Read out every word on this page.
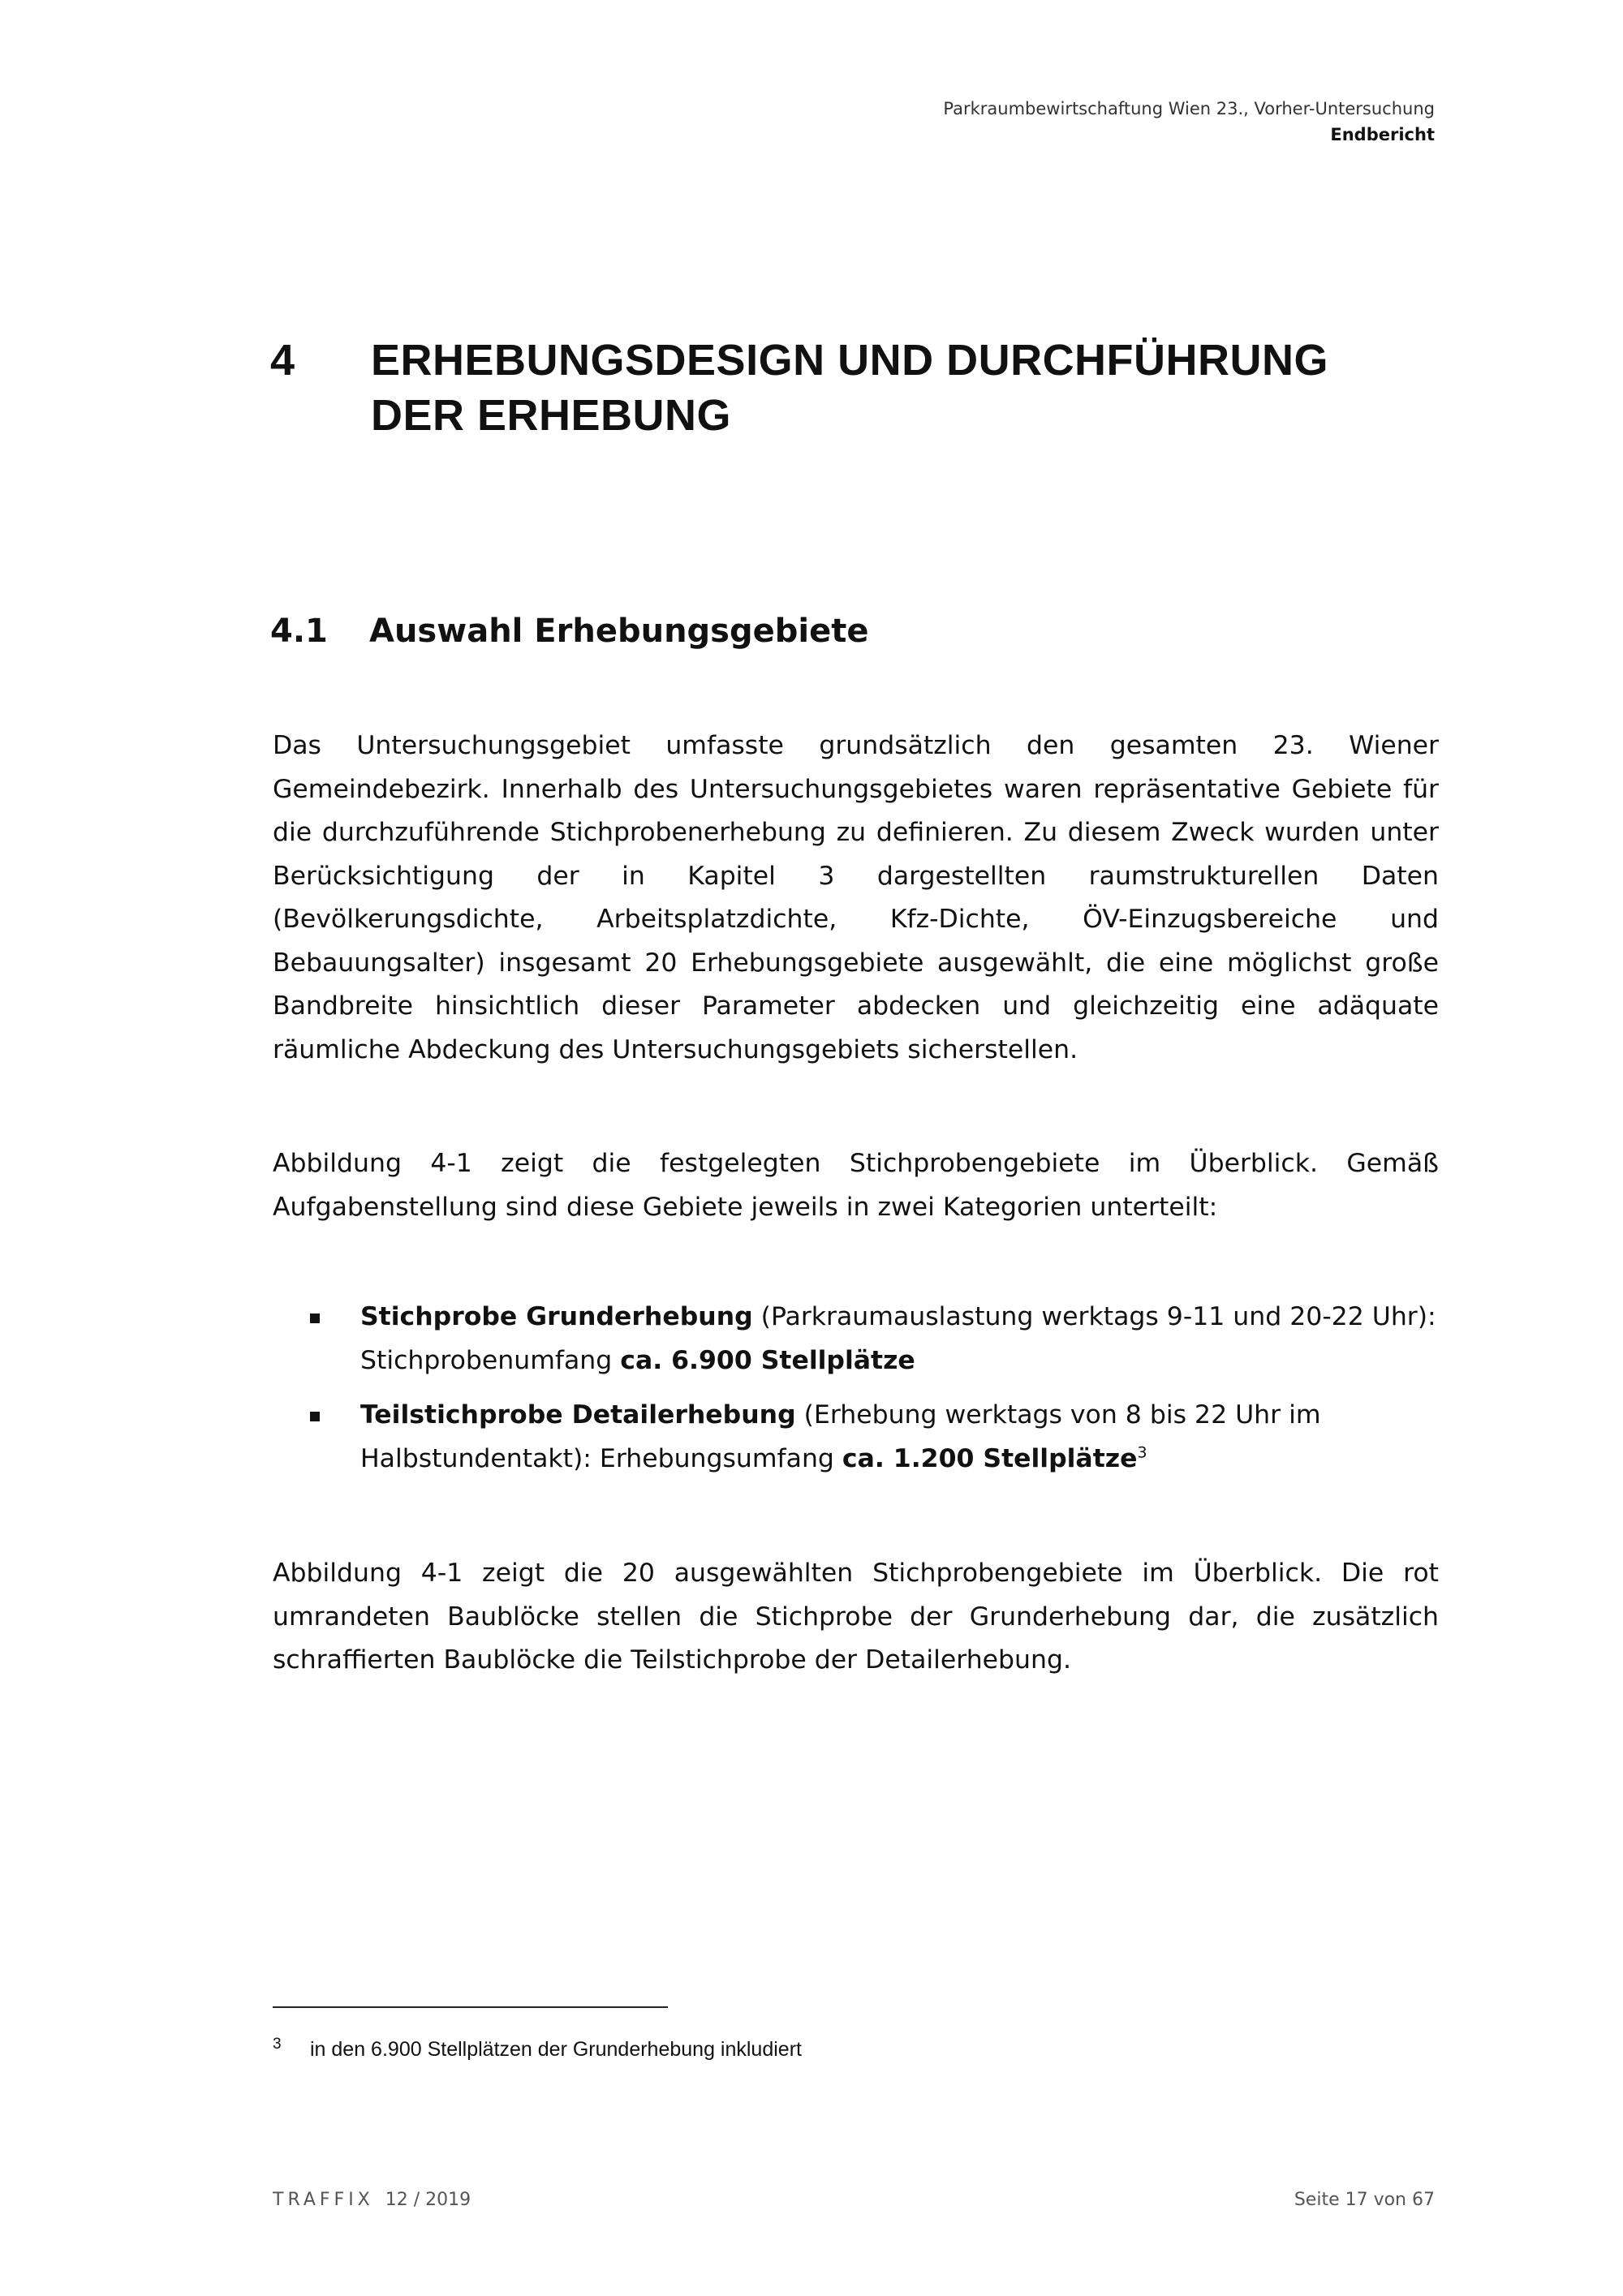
Parkraumbewirtschaftung Wien 23., Vorher-Untersuchung
Endbericht
4 ERHEBUNGSDESIGN UND DURCHFÜHRUNG DER ERHEBUNG
4.1 Auswahl Erhebungsgebiete

Das Untersuchungsgebiet umfasste grundsätzlich den gesamten 23. Wiener Gemeindebezirk. Innerhalb des Untersuchungsgebietes waren repräsentative Gebiete für die durchzuführende Stichprobenerhebung zu definieren. Zu diesem Zweck wurden unter Berücksichtigung der in Kapitel 3 dargestellten raumstrukturellen Daten (Bevölkerungsdichte, Arbeitsplatzdichte, Kfz-Dichte, ÖV-Einzugsbereiche und Bebauungsalter) insgesamt 20 Erhebungsgebiete ausgewählt, die eine möglichst große Bandbreite hinsichtlich dieser Parameter abdecken und gleichzeitig eine adäquate räumliche Abdeckung des Untersuchungsgebiets sicherstellen.

Abbildung 4-1 zeigt die festgelegten Stichprobengebiete im Überblick. Gemäß Aufgabenstellung sind diese Gebiete jeweils in zwei Kategorien unterteilt:

Stichprobe Grunderhebung (Parkraumauslastung werktags 9-11 und 20-22 Uhr): Stichprobenumfang ca. 6.900 Stellplätze
Teilstichprobe Detailerhebung (Erhebung werktags von 8 bis 22 Uhr im Halbstundentakt): Erhebungsumfang ca. 1.200 Stellplätze$^3$

Abbildung 4-1 zeigt die 20 ausgewählten Stichprobengebiete im Überblick. Die rot umrandeten Baublöcke stellen die Stichprobe der Grunderhebung dar, die zusätzlich schraffierten Baublöcke die Teilstichprobe der Detailerhebung.

3 in den 6.900 Stellplätzen der Grunderhebung inkludiert
TRAFFIX 12 / 2019	Seite 17 von 67
